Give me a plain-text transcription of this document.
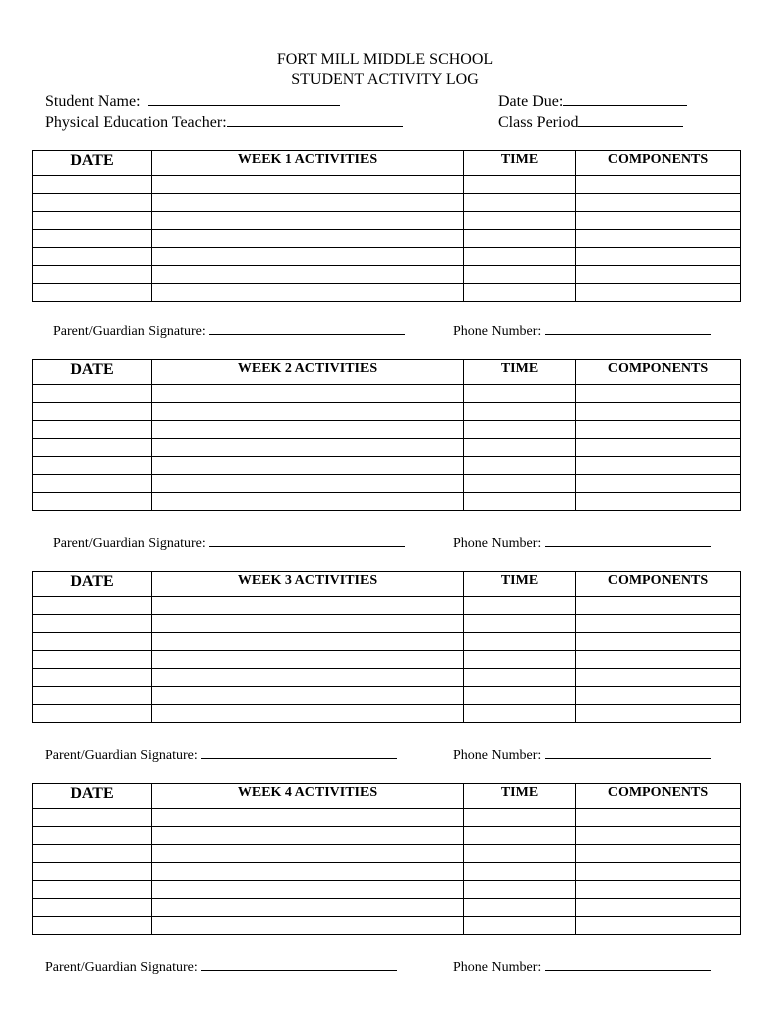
FORT MILL MIDDLE SCHOOL
STUDENT ACTIVITY LOG
Student Name:	Date Due:
Physical Education Teacher:	Class Period
DATE	WEEK 1 ACTIVITIES	TIME	COMPONENTS

Parent/Guardian Signature:	Phone Number:
DATE	WEEK 2 ACTIVITIES	TIME	COMPONENTS

Parent/Guardian Signature:	Phone Number:
DATE	WEEK 3 ACTIVITIES	TIME	COMPONENTS

Parent/Guardian Signature:	Phone Number:
DATE	WEEK 4 ACTIVITIES	TIME	COMPONENTS

Parent/Guardian Signature:	Phone Number:
